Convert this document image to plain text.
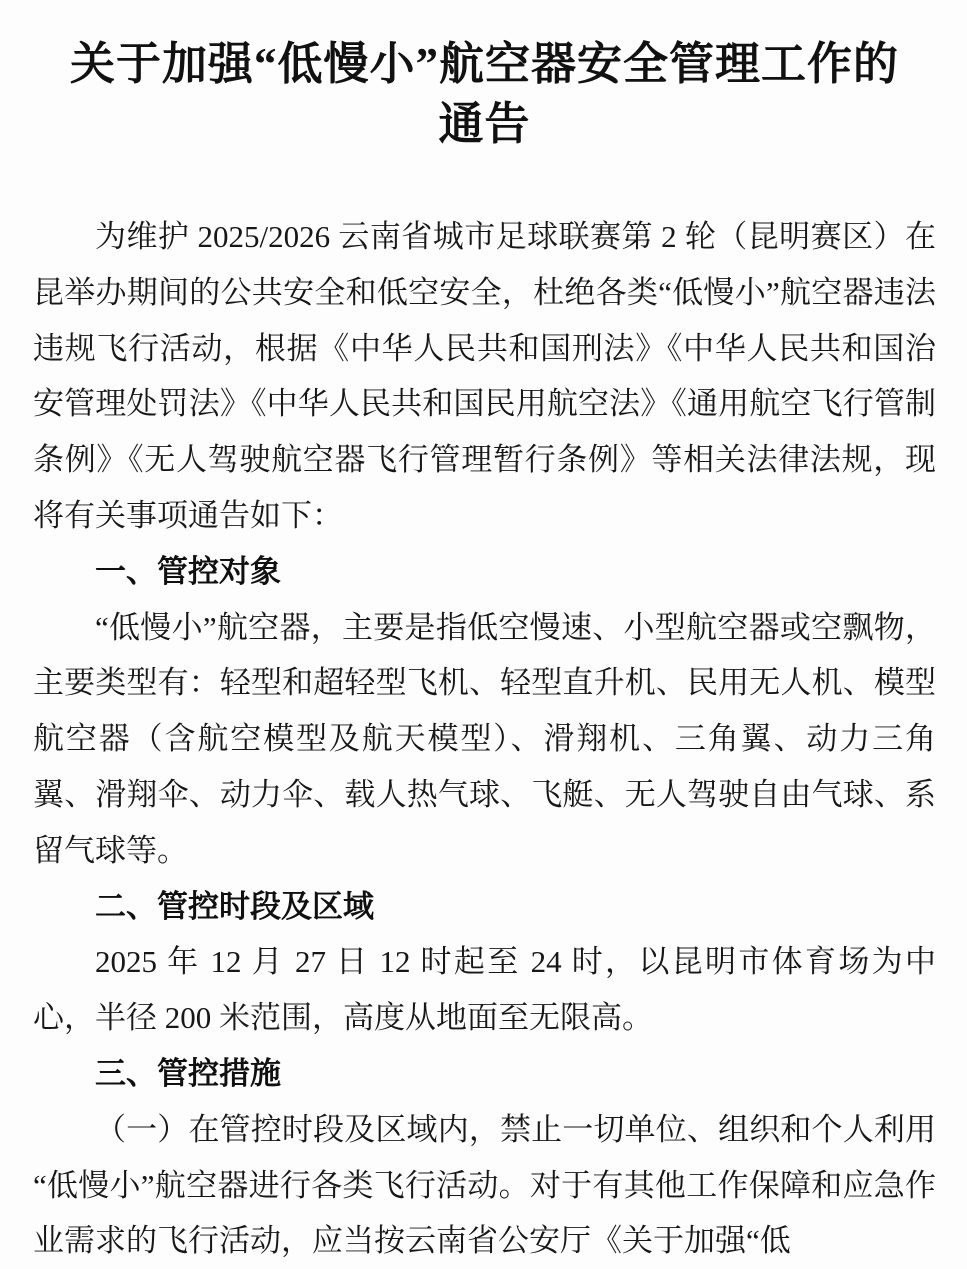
关于加强“低慢小”航空器安全管理工作的
通告

为维护 2025/2026 云南省城市足球联赛第 2 轮（昆明赛区）在昆举办期间的公共安全和低空安全，杜绝各类“低慢小”航空器违法违规飞行活动，根据《中华人民共和国刑法》《中华人民共和国治安管理处罚法》《中华人民共和国民用航空法》《通用航空飞行管制条例》《无人驾驶航空器飞行管理暂行条例》等相关法律法规，现将有关事项通告如下：

一、管控对象

“低慢小”航空器，主要是指低空慢速、小型航空器或空飘物，主要类型有：轻型和超轻型飞机、轻型直升机、民用无人机、模型航空器（含航空模型及航天模型）、滑翔机、三角翼、动力三角翼、滑翔伞、动力伞、载人热气球、飞艇、无人驾驶自由气球、系留气球等。

二、管控时段及区域

2025 年 12 月 27 日 12 时起至 24 时，以昆明市体育场为中心，半径 200 米范围，高度从地面至无限高。

三、管控措施

（一）在管控时段及区域内，禁止一切单位、组织和个人利用“低慢小”航空器进行各类飞行活动。对于有其他工作保障和应急作业需求的飞行活动，应当按云南省公安厅《关于加强“低
